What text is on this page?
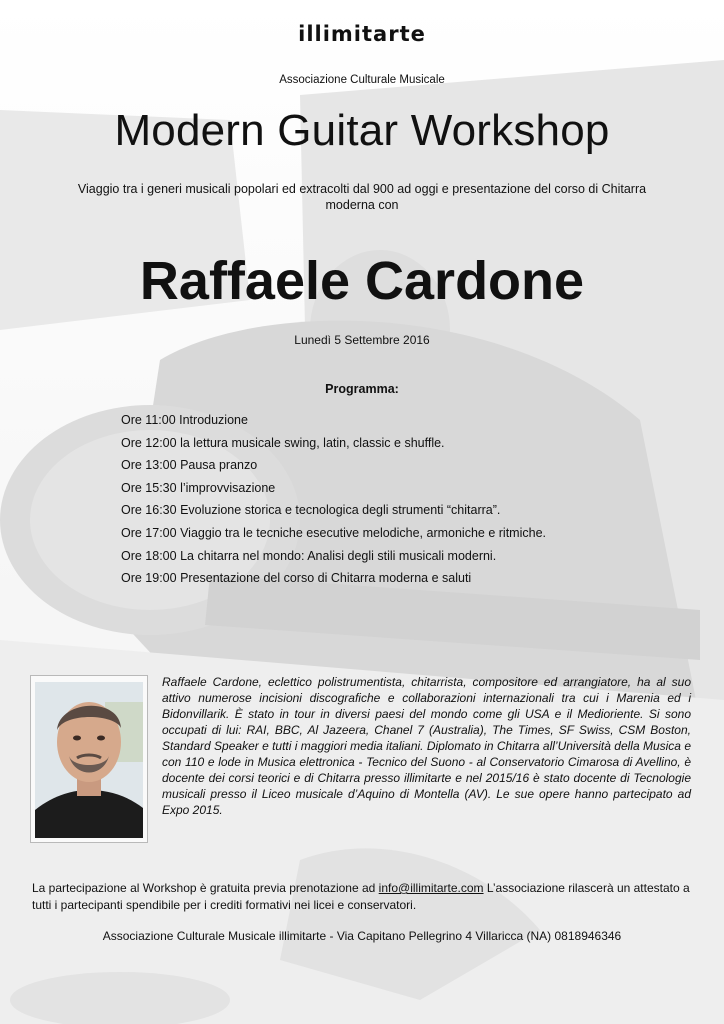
illimitarte
Associazione Culturale Musicale
Modern Guitar Workshop
Viaggio tra i generi musicali popolari ed extracolti dal 900 ad oggi e presentazione del corso di Chitarra moderna con
Raffaele Cardone
Lunedì 5 Settembre 2016
Programma:
Ore 11:00 Introduzione
Ore 12:00 la lettura musicale swing, latin, classic e shuffle.
Ore 13:00 Pausa pranzo
Ore 15:30 l’improvvisazione
Ore 16:30 Evoluzione storica e tecnologica degli strumenti “chitarra”.
Ore 17:00 Viaggio tra le tecniche esecutive melodiche, armoniche e ritmiche.
Ore 18:00 La chitarra nel mondo: Analisi degli stili musicali moderni.
Ore 19:00 Presentazione del corso di Chitarra moderna e saluti

Raffaele Cardone, eclettico polistrumentista, chitarrista, compositore ed arrangiatore, ha al suo attivo numerose incisioni discografiche e collaborazioni internazionali tra cui i Marenia ed i Bidonvillarik. È stato in tour in diversi paesi del mondo come gli USA e il Medioriente. Si sono occupati di lui: RAI, BBC, Al Jazeera, Chanel 7 (Australia), The Times, SF Swiss, CSM Boston, Standard Speaker e tutti i maggiori media italiani. Diplomato in Chitarra all’Università della Musica e con 110 e lode in Musica elettronica - Tecnico del Suono - al Conservatorio Cimarosa di Avellino, è docente dei corsi teorici e di Chitarra presso illimitarte e nel 2015/16 è stato docente di Tecnologie musicali presso il Liceo musicale d’Aquino di Montella (AV). Le sue opere hanno partecipato ad Expo 2015.

La partecipazione al Workshop è gratuita previa prenotazione ad info@illimitarte.com L’associazione rilascerà un attestato a tutti i partecipanti spendibile per i crediti formativi nei licei e conservatori.

Associazione Culturale Musicale illimitarte - Via Capitano Pellegrino 4 Villaricca (NA) 0818946346
